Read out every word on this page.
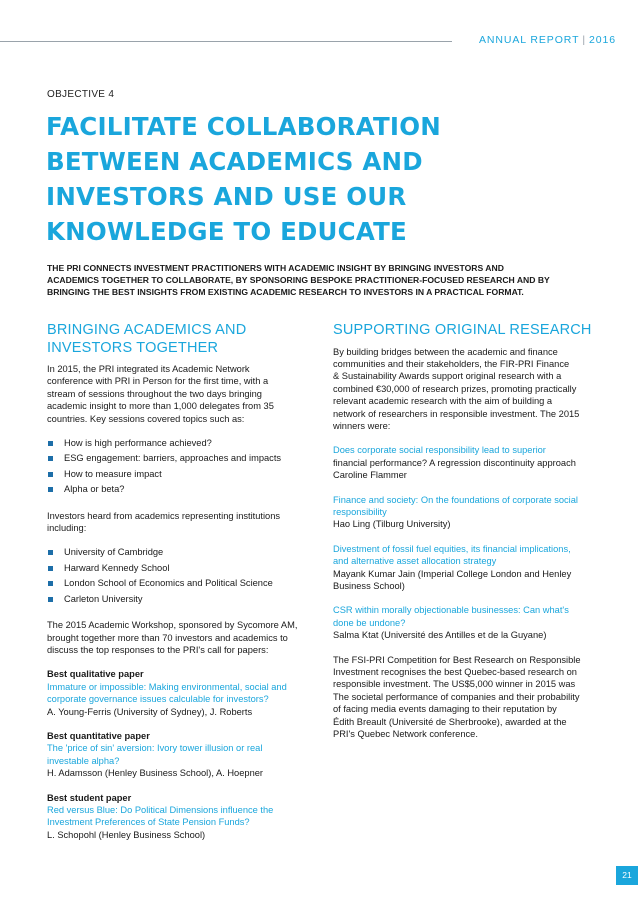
ANNUAL REPORT | 2016
OBJECTIVE 4
FACILITATE COLLABORATION
BETWEEN ACADEMICS AND
INVESTORS AND USE OUR
KNOWLEDGE TO EDUCATE

THE PRI CONNECTS INVESTMENT PRACTITIONERS WITH ACADEMIC INSIGHT BY BRINGING INVESTORS AND
ACADEMICS TOGETHER TO COLLABORATE, BY SPONSORING BESPOKE PRACTITIONER-FOCUSED RESEARCH AND BY
BRINGING THE BEST INSIGHTS FROM EXISTING ACADEMIC RESEARCH TO INVESTORS IN A PRACTICAL FORMAT.

BRINGING ACADEMICS AND
INVESTORS TOGETHER

In 2015, the PRI integrated its Academic Network
conference with PRI in Person for the first time, with a
stream of sessions throughout the two days bringing
academic insight to more than 1,000 delegates from 35
countries. Key sessions covered topics such as:

How is high performance achieved?
ESG engagement: barriers, approaches and impacts
How to measure impact
Alpha or beta?

Investors heard from academics representing institutions
including:

University of Cambridge
Harward Kennedy School
London School of Economics and Political Science
Carleton University

The 2015 Academic Workshop, sponsored by Sycomore AM,
brought together more than 70 investors and academics to
discuss the top responses to the PRI's call for papers:

Best qualitative paper
Immature or impossible: Making environmental, social and
corporate governance issues calculable for investors?
A. Young-Ferris (University of Sydney), J. Roberts

Best quantitative paper
The 'price of sin' aversion: Ivory tower illusion or real
investable alpha?
H. Adamsson (Henley Business School), A. Hoepner

Best student paper
Red versus Blue: Do Political Dimensions influence the
Investment Preferences of State Pension Funds?
L. Schopohl (Henley Business School)

SUPPORTING ORIGINAL RESEARCH

By building bridges between the academic and finance
communities and their stakeholders, the FIR-PRI Finance
& Sustainability Awards support original research with a
combined €30,000 of research prizes, promoting practically
relevant academic research with the aim of building a
network of researchers in responsible investment. The 2015
winners were:

Does corporate social responsibility lead to superior
financial performance? A regression discontinuity approach
Caroline Flammer

Finance and society: On the foundations of corporate social
responsibility
Hao Ling (Tilburg University)

Divestment of fossil fuel equities, its financial implications,
and alternative asset allocation strategy
Mayank Kumar Jain (Imperial College London and Henley
Business School)

CSR within morally objectionable businesses: Can what's
done be undone?
Salma Ktat (Université des Antilles et de la Guyane)

The FSI-PRI Competition for Best Research on Responsible
Investment recognises the best Quebec-based research on
responsible investment. The US$5,000 winner in 2015 was
The societal performance of companies and their probability
of facing media events damaging to their reputation by
Édith Breault (Université de Sherbrooke), awarded at the
PRI's Quebec Network conference.

21
